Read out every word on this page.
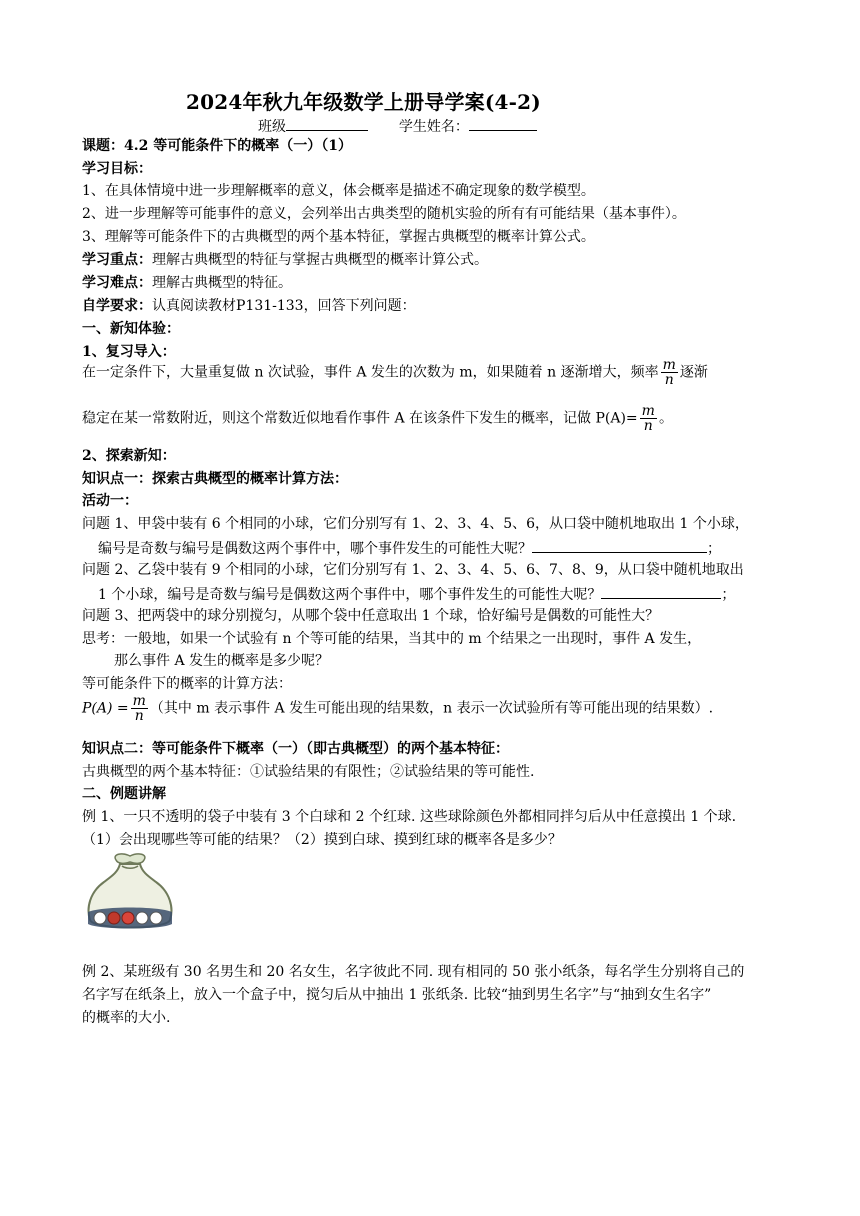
2024年秋九年级数学上册导学案(4-2)
班级	学生姓名：
课题：4.2 等可能条件下的概率（一）（1）
学习目标：
1、在具体情境中进一步理解概率的意义，体会概率是描述不确定现象的数学模型。
2、进一步理解等可能事件的意义，会列举出古典类型的随机实验的所有有可能结果（基本事件）。
3、理解等可能条件下的古典概型的两个基本特征，掌握古典概型的概率计算公式。
学习重点：理解古典概型的特征与掌握古典概型的概率计算公式。
学习难点：理解古典概型的特征。
自学要求：认真阅读教材P131-133，回答下列问题：
一、新知体验：
1、复习导入：
在一定条件下，大量重复做 n 次试验，事件 A 发生的次数为 m，如果随着 n 逐渐增大，频率 $\frac{m}{n}$ 逐渐
稳定在某一常数附近，则这个常数近似地看作事件 A 在该条件下发生的概率，记做 $P(A)= \frac{m}{n}$ 。
2、探索新知：
知识点一：探索古典概型的概率计算方法：
活动一：
问题 1、甲袋中装有 6 个相同的小球，它们分别写有 1、2、3、4、5、6，从口袋中随机地取出 1 个小球，
编号是奇数与编号是偶数这两个事件中，哪个事件发生的可能性大呢？	；
问题 2、乙袋中装有 9 个相同的小球，它们分别写有 1、2、3、4、5、6、7、8、9，从口袋中随机地取出
1 个小球，编号是奇数与编号是偶数这两个事件中，哪个事件发生的可能性大呢？	；
问题 3、把两袋中的球分别搅匀，从哪个袋中任意取出 1 个球，恰好编号是偶数的可能性大？
思考：一般地，如果一个试验有 n 个等可能的结果，当其中的 m 个结果之一出现时，事件 A 发生，
那么事件 A 发生的概率是多少呢？
等可能条件下的概率的计算方法：
$P(A) = \frac{m}{n}$ （其中 m 表示事件 A 发生可能出现的结果数，n 表示一次试验所有等可能出现的结果数）.
知识点二：等可能条件下概率（一）（即古典概型）的两个基本特征：
古典概型的两个基本特征：①试验结果的有限性；②试验结果的等可能性.
二、例题讲解
例 1、一只不透明的袋子中装有 3 个白球和 2 个红球. 这些球除颜色外都相同拌匀后从中任意摸出 1 个球.
（1）会出现哪些等可能的结果？（2）摸到白球、摸到红球的概率各是多少？
例 2、某班级有 30 名男生和 20 名女生，名字彼此不同. 现有相同的 50 张小纸条，每名学生分别将自己的
名字写在纸条上，放入一个盒子中，搅匀后从中抽出 1 张纸条. 比较“抽到男生名字”与“抽到女生名字”
的概率的大小.
